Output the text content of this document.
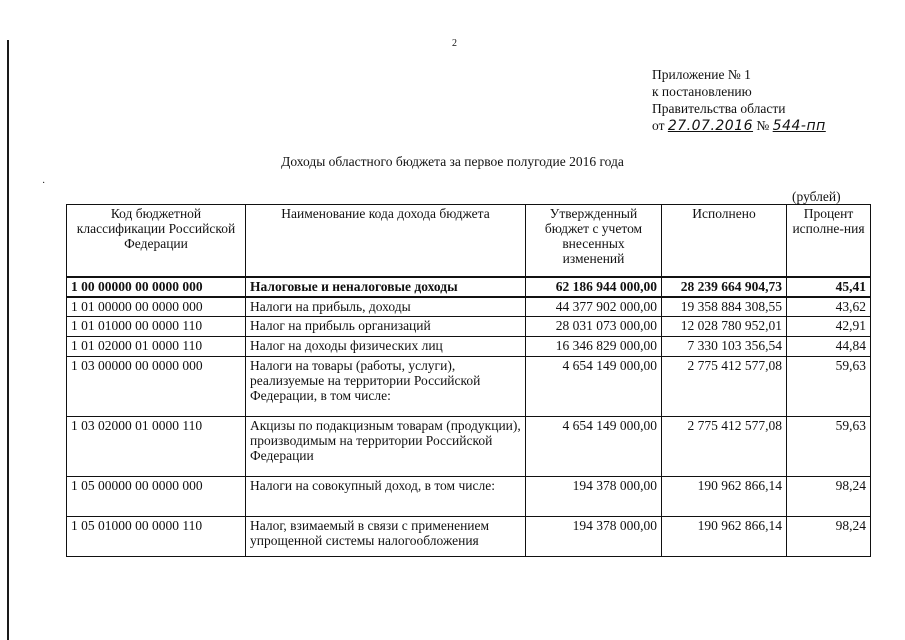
2
Приложение № 1
к постановлению
Правительства области
от 27.07.2016 № 544-пп
Доходы областного бюджета за первое полугодие 2016 года
·
(рублей)
Код бюджетной классификации Российской Федерации	Наименование кода дохода бюджета	Утвержденный бюджет с учетом внесенных изменений	Исполнено	Процент исполне-ния
1 00 00000 00 0000 000	Налоговые и неналоговые доходы	62 186 944 000,00	28 239 664 904,73	45,41
1 01 00000 00 0000 000	Налоги на прибыль, доходы	44 377 902 000,00	19 358 884 308,55	43,62
1 01 01000 00 0000 110	Налог на прибыль организаций	28 031 073 000,00	12 028 780 952,01	42,91
1 01 02000 01 0000 110	Налог на доходы физических лиц	16 346 829 000,00	7 330 103 356,54	44,84
1 03 00000 00 0000 000	Налоги на товары (работы, услуги), реализуемые на территории Российской Федерации, в том числе:	4 654 149 000,00	2 775 412 577,08	59,63
1 03 02000 01 0000 110	Акцизы по подакцизным товарам (продукции), производимым на территории Российской Федерации	4 654 149 000,00	2 775 412 577,08	59,63
1 05 00000 00 0000 000	Налоги на совокупный доход, в том числе:	194 378 000,00	190 962 866,14	98,24
1 05 01000 00 0000 110	Налог, взимаемый в связи с применением упрощенной системы налогообложения	194 378 000,00	190 962 866,14	98,24
